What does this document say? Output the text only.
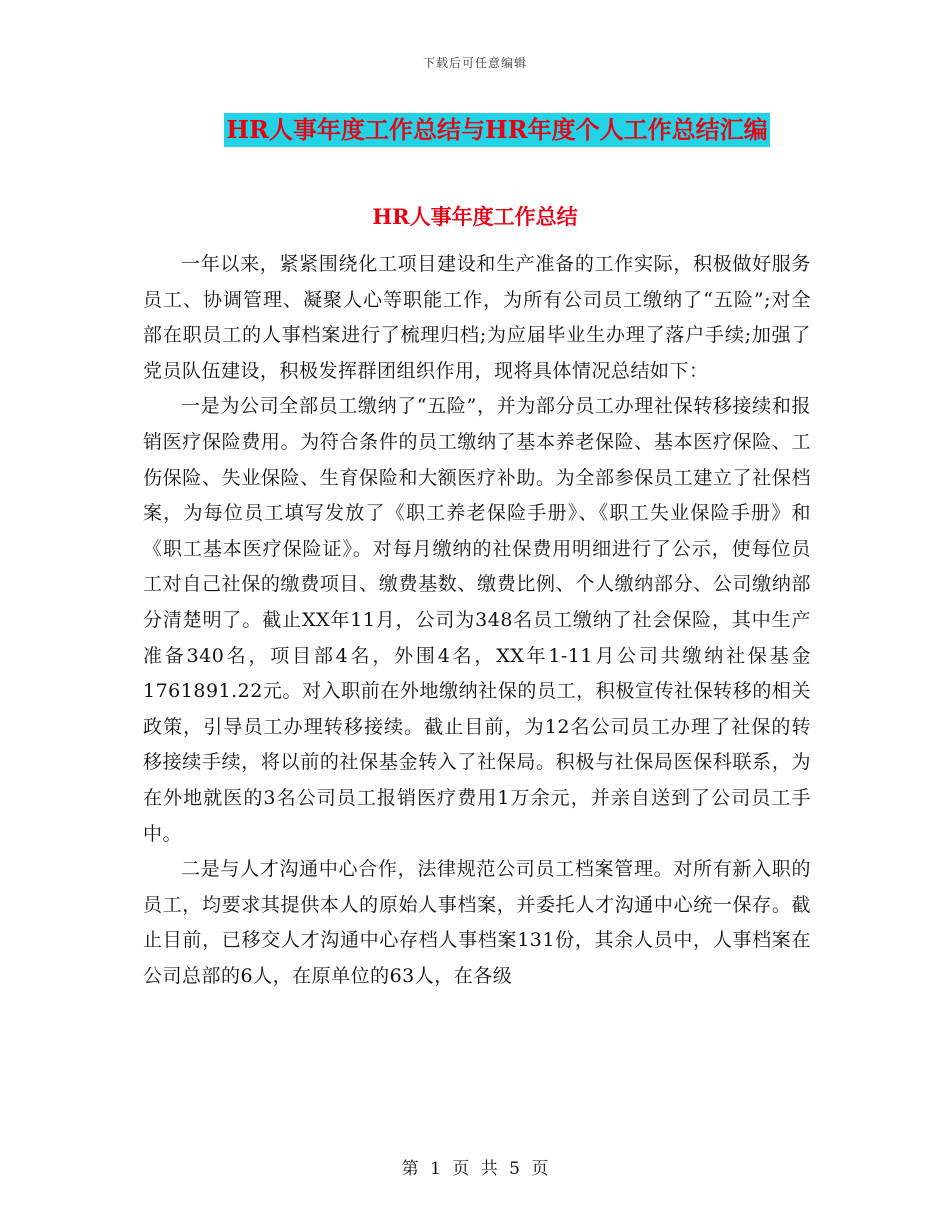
下载后可任意编辑
HR人事年度工作总结与HR年度个人工作总结汇编
HR人事年度工作总结

一年以来，紧紧围绕化工项目建设和生产准备的工作实际，积极做好服务员工、协调管理、凝聚人心等职能工作，为所有公司员工缴纳了“五险”;对全部在职员工的人事档案进行了梳理归档;为应届毕业生办理了落户手续;加强了党员队伍建设，积极发挥群团组织作用，现将具体情况总结如下：

一是为公司全部员工缴纳了“五险”，并为部分员工办理社保转移接续和报销医疗保险费用。为符合条件的员工缴纳了基本养老保险、基本医疗保险、工伤保险、失业保险、生育保险和大额医疗补助。为全部参保员工建立了社保档案，为每位员工填写发放了《职工养老保险手册》、《职工失业保险手册》和《职工基本医疗保险证》。对每月缴纳的社保费用明细进行了公示，使每位员工对自己社保的缴费项目、缴费基数、缴费比例、个人缴纳部分、公司缴纳部分清楚明了。截止XX年11月，公司为348名员工缴纳了社会保险，其中生产准备340名，项目部4名，外围4名，XX年1-11月公司共缴纳社保基金1761891.22元。对入职前在外地缴纳社保的员工，积极宣传社保转移的相关政策，引导员工办理转移接续。截止目前，为12名公司员工办理了社保的转移接续手续，将以前的社保基金转入了社保局。积极与社保局医保科联系，为在外地就医的3名公司员工报销医疗费用1万余元，并亲自送到了公司员工手中。

二是与人才沟通中心合作，法律规范公司员工档案管理。对所有新入职的员工，均要求其提供本人的原始人事档案，并委托人才沟通中心统一保存。截止目前，已移交人才沟通中心存档人事档案131份，其余人员中，人事档案在公司总部的6人，在原单位的63人，在各级

第 1 页 共 5 页
